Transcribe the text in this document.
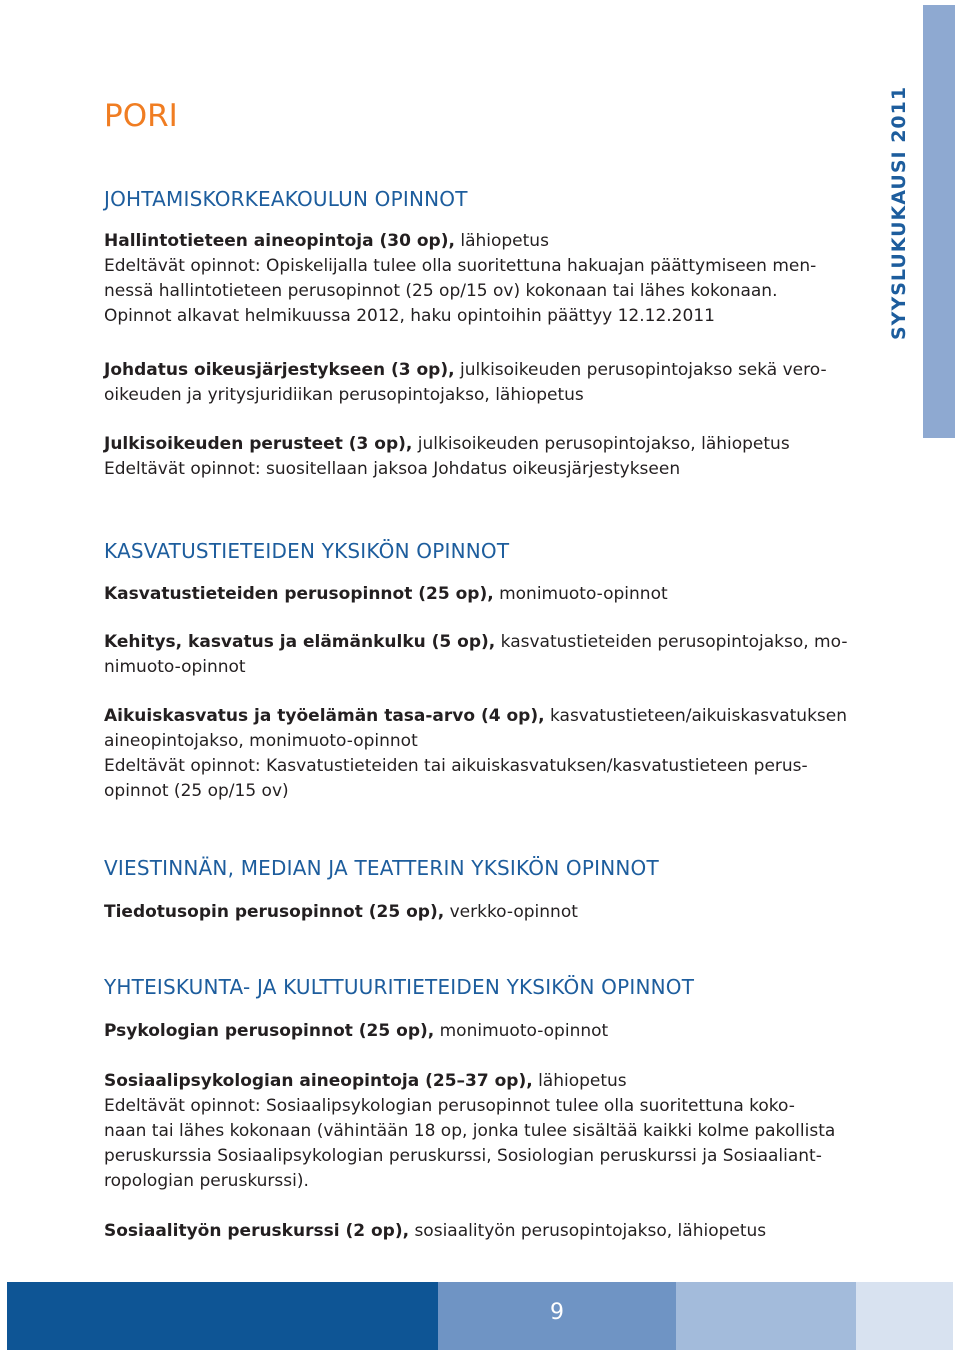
SYYSLUKUKAUSI 2011
PORI
JOHTAMISKORKEAKOULUN OPINNOT

Hallintotieteen aineopintoja (30 op), lähiopetus

Edeltävät opinnot: Opiskelijalla tulee olla suoritettuna hakuajan päättymiseen men-

nessä hallintotieteen perusopinnot (25 op/15 ov) kokonaan tai lähes kokonaan.

Opinnot alkavat helmikuussa 2012, haku opintoihin päättyy 12.12.2011

Johdatus oikeusjärjestykseen (3 op), julkisoikeuden perusopintojakso sekä vero-

oikeuden ja yritysjuridiikan perusopintojakso, lähiopetus

Julkisoikeuden perusteet (3 op), julkisoikeuden perusopintojakso, lähiopetus

Edeltävät opinnot: suositellaan jaksoa Johdatus oikeusjärjestykseen

KASVATUSTIETEIDEN YKSIKÖN OPINNOT

Kasvatustieteiden perusopinnot (25 op), monimuoto-opinnot

Kehitys, kasvatus ja elämänkulku (5 op), kasvatustieteiden perusopintojakso, mo-

nimuoto-opinnot

Aikuiskasvatus ja työelämän tasa-arvo (4 op), kasvatustieteen/aikuiskasvatuksen

aineopintojakso, monimuoto-opinnot

Edeltävät opinnot: Kasvatustieteiden tai aikuiskasvatuksen/kasvatustieteen perus-

opinnot (25 op/15 ov)

VIESTINNÄN, MEDIAN JA TEATTERIN YKSIKÖN OPINNOT

Tiedotusopin perusopinnot (25 op), verkko-opinnot

YHTEISKUNTA- JA KULTTUURITIETEIDEN YKSIKÖN OPINNOT

Psykologian perusopinnot (25 op), monimuoto-opinnot

Sosiaalipsykologian aineopintoja (25–37 op), lähiopetus

Edeltävät opinnot: Sosiaalipsykologian perusopinnot tulee olla suoritettuna koko-

naan tai lähes kokonaan (vähintään 18 op, jonka tulee sisältää kaikki kolme pakollista

peruskurssia Sosiaalipsykologian peruskurssi, Sosiologian peruskurssi ja Sosiaaliant-

ropologian peruskurssi).

Sosiaalityön peruskurssi (2 op), sosiaalityön perusopintojakso, lähiopetus

9
